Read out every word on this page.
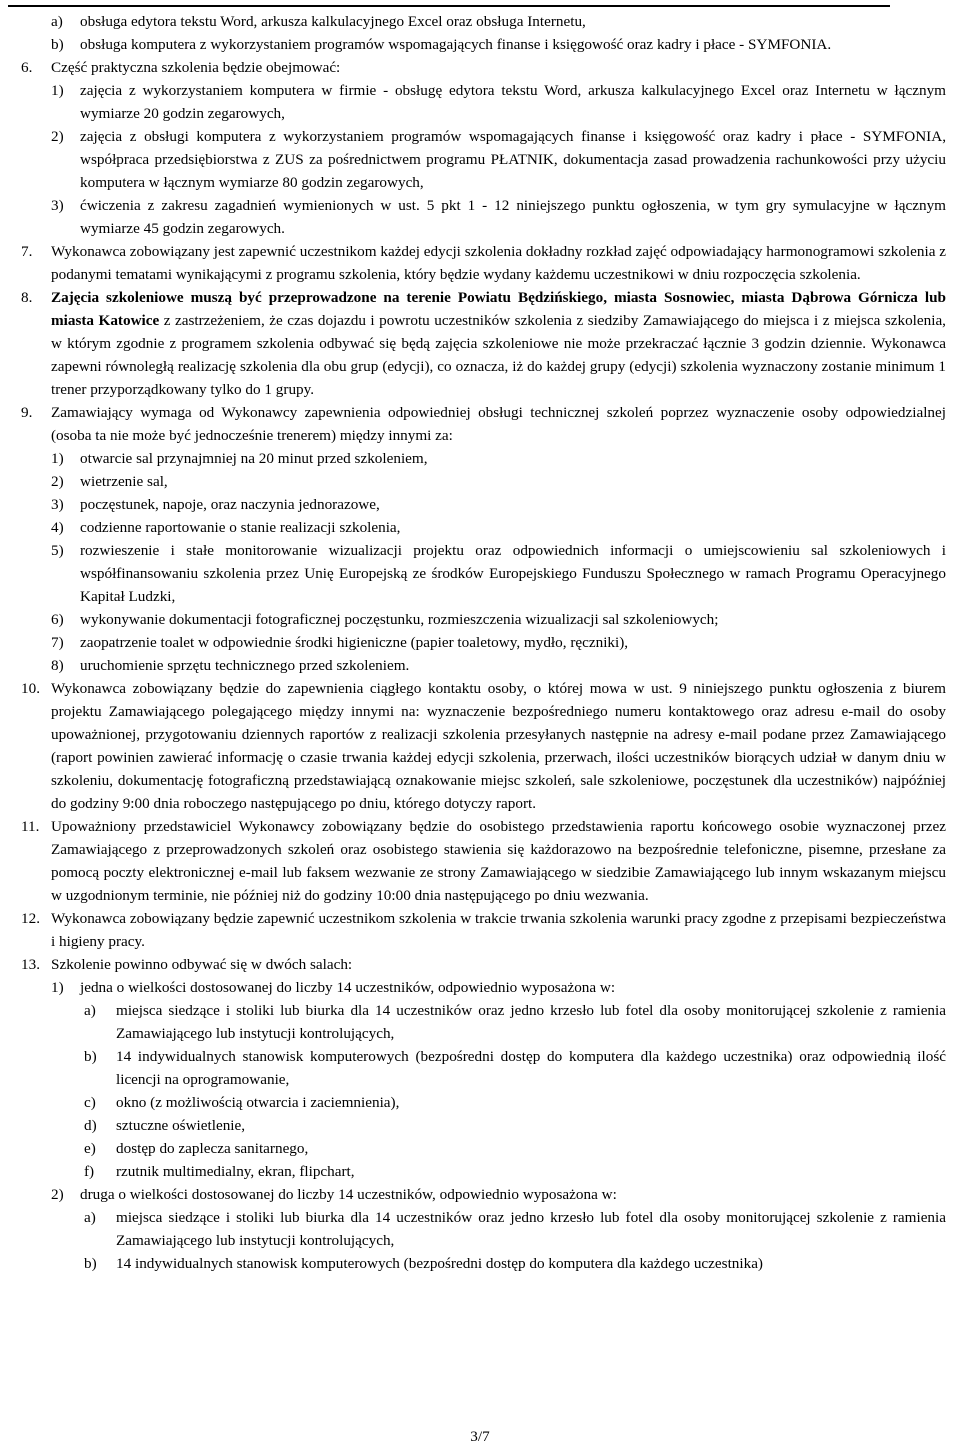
a) obsługa edytora tekstu Word, arkusza kalkulacyjnego Excel oraz obsługa Internetu,
b) obsługa komputera z wykorzystaniem programów wspomagających finanse i księgowość oraz kadry i płace - SYMFONIA.
6. Część praktyczna szkolenia będzie obejmować:
1) zajęcia z wykorzystaniem komputera w firmie - obsługę edytora tekstu Word, arkusza kalkulacyjnego Excel oraz Internetu w łącznym wymiarze 20 godzin zegarowych,
2) zajęcia z obsługi komputera z wykorzystaniem programów wspomagających finanse i księgowość oraz kadry i płace - SYMFONIA, współpraca przedsiębiorstwa z ZUS za pośrednictwem programu PŁATNIK, dokumentacja zasad prowadzenia rachunkowości przy użyciu komputera w łącznym wymiarze 80 godzin zegarowych,
3) ćwiczenia z zakresu zagadnień wymienionych w ust. 5 pkt 1 - 12 niniejszego punktu ogłoszenia, w tym gry symulacyjne w łącznym wymiarze 45 godzin zegarowych.
7. Wykonawca zobowiązany jest zapewnić uczestnikom każdej edycji szkolenia dokładny rozkład zajęć odpowiadający harmonogramowi szkolenia z podanymi tematami wynikającymi z programu szkolenia, który będzie wydany każdemu uczestnikowi w dniu rozpoczęcia szkolenia.
8. Zajęcia szkoleniowe muszą być przeprowadzone na terenie Powiatu Będzińskiego, miasta Sosnowiec, miasta Dąbrowa Górnicza lub miasta Katowice z zastrzeżeniem, że czas dojazdu i powrotu uczestników szkolenia z siedziby Zamawiającego do miejsca i z miejsca szkolenia, w którym zgodnie z programem szkolenia odbywać się będą zajęcia szkoleniowe nie może przekraczać łącznie 3 godzin dziennie. Wykonawca zapewni równoległą realizację szkolenia dla obu grup (edycji), co oznacza, iż do każdej grupy (edycji) szkolenia wyznaczony zostanie minimum 1 trener przyporządkowany tylko do 1 grupy.
9. Zamawiający wymaga od Wykonawcy zapewnienia odpowiedniej obsługi technicznej szkoleń poprzez wyznaczenie osoby odpowiedzialnej (osoba ta nie może być jednocześnie trenerem) między innymi za:
1) otwarcie sal przynajmniej na 20 minut przed szkoleniem,
2) wietrzenie sal,
3) poczęstunek, napoje, oraz naczynia jednorazowe,
4) codzienne raportowanie o stanie realizacji szkolenia,
5) rozwieszenie i stałe monitorowanie wizualizacji projektu oraz odpowiednich informacji o umiejscowieniu sal szkoleniowych i współfinansowaniu szkolenia przez Unię Europejską ze środków Europejskiego Funduszu Społecznego w ramach Programu Operacyjnego Kapitał Ludzki,
6) wykonywanie dokumentacji fotograficznej poczęstunku, rozmieszczenia wizualizacji sal szkoleniowych;
7) zaopatrzenie toalet w odpowiednie środki higieniczne (papier toaletowy, mydło, ręczniki),
8) uruchomienie sprzętu technicznego przed szkoleniem.
10. Wykonawca zobowiązany będzie do zapewnienia ciągłego kontaktu osoby, o której mowa w ust. 9 niniejszego punktu ogłoszenia z biurem projektu Zamawiającego polegającego między innymi na: wyznaczenie bezpośredniego numeru kontaktowego oraz adresu e-mail do osoby upoważnionej, przygotowaniu dziennych raportów z realizacji szkolenia przesyłanych następnie na adresy e-mail podane przez Zamawiającego (raport powinien zawierać informację o czasie trwania każdej edycji szkolenia, przerwach, ilości uczestników biorących udział w danym dniu w szkoleniu, dokumentację fotograficzną przedstawiającą oznakowanie miejsc szkoleń, sale szkoleniowe, poczęstunek dla uczestników) najpóźniej do godziny 9:00 dnia roboczego następującego po dniu, którego dotyczy raport.
11. Upoważniony przedstawiciel Wykonawcy zobowiązany będzie do osobistego przedstawienia raportu końcowego osobie wyznaczonej przez Zamawiającego z przeprowadzonych szkoleń oraz osobistego stawienia się każdorazowo na bezpośrednie telefoniczne, pisemne, przesłane za pomocą poczty elektronicznej e-mail lub faksem wezwanie ze strony Zamawiającego w siedzibie Zamawiającego lub innym wskazanym miejscu w uzgodnionym terminie, nie później niż do godziny 10:00 dnia następującego po dniu wezwania.
12. Wykonawca zobowiązany będzie zapewnić uczestnikom szkolenia w trakcie trwania szkolenia warunki pracy zgodne z przepisami bezpieczeństwa i higieny pracy.
13. Szkolenie powinno odbywać się w dwóch salach:
1) jedna o wielkości dostosowanej do liczby 14 uczestników, odpowiednio wyposażona w:
a) miejsca siedzące i stoliki lub biurka dla 14 uczestników oraz jedno krzesło lub fotel dla osoby monitorującej szkolenie z ramienia Zamawiającego lub instytucji kontrolujących,
b) 14 indywidualnych stanowisk komputerowych (bezpośredni dostęp do komputera dla każdego uczestnika) oraz odpowiednią ilość licencji na oprogramowanie,
c) okno (z możliwością otwarcia i zaciemnienia),
d) sztuczne oświetlenie,
e) dostęp do zaplecza sanitarnego,
f) rzutnik multimedialny, ekran, flipchart,
2) druga o wielkości dostosowanej do liczby 14 uczestników, odpowiednio wyposażona w:
a) miejsca siedzące i stoliki lub biurka dla 14 uczestników oraz jedno krzesło lub fotel dla osoby monitorującej szkolenie z ramienia Zamawiającego lub instytucji kontrolujących,
b) 14 indywidualnych stanowisk komputerowych (bezpośredni dostęp do komputera dla każdego uczestnika)
3/7
